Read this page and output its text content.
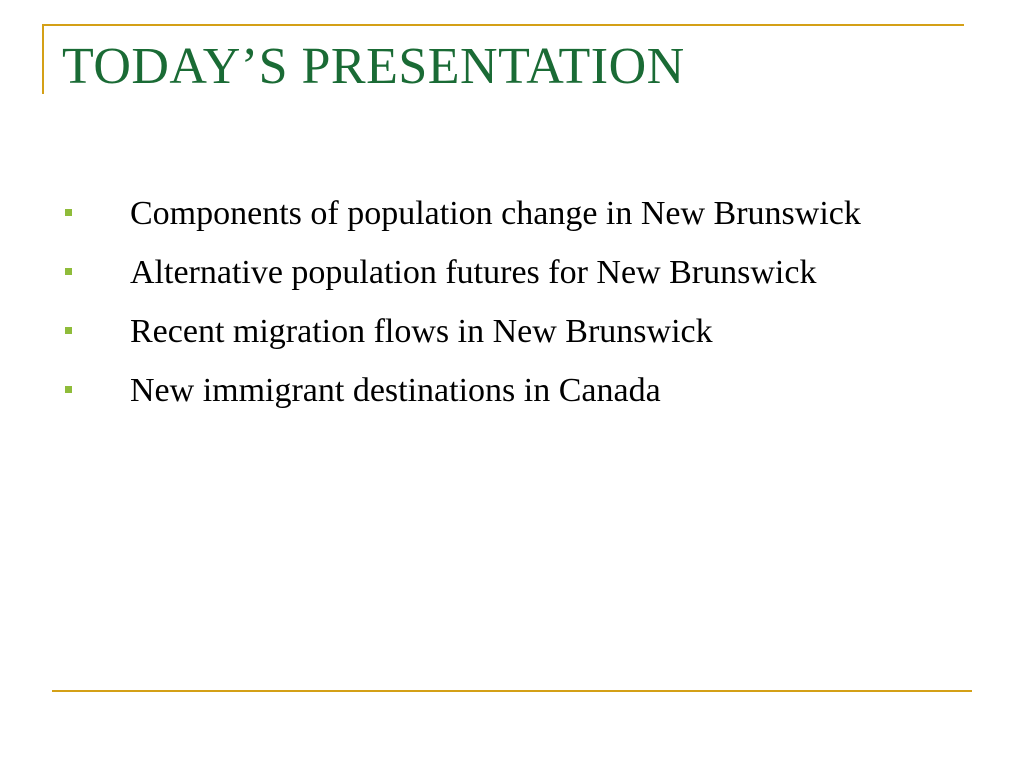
TODAY’S PRESENTATION
Components of population change in New Brunswick
Alternative population futures for New Brunswick
Recent migration flows in New Brunswick
New immigrant destinations in Canada
